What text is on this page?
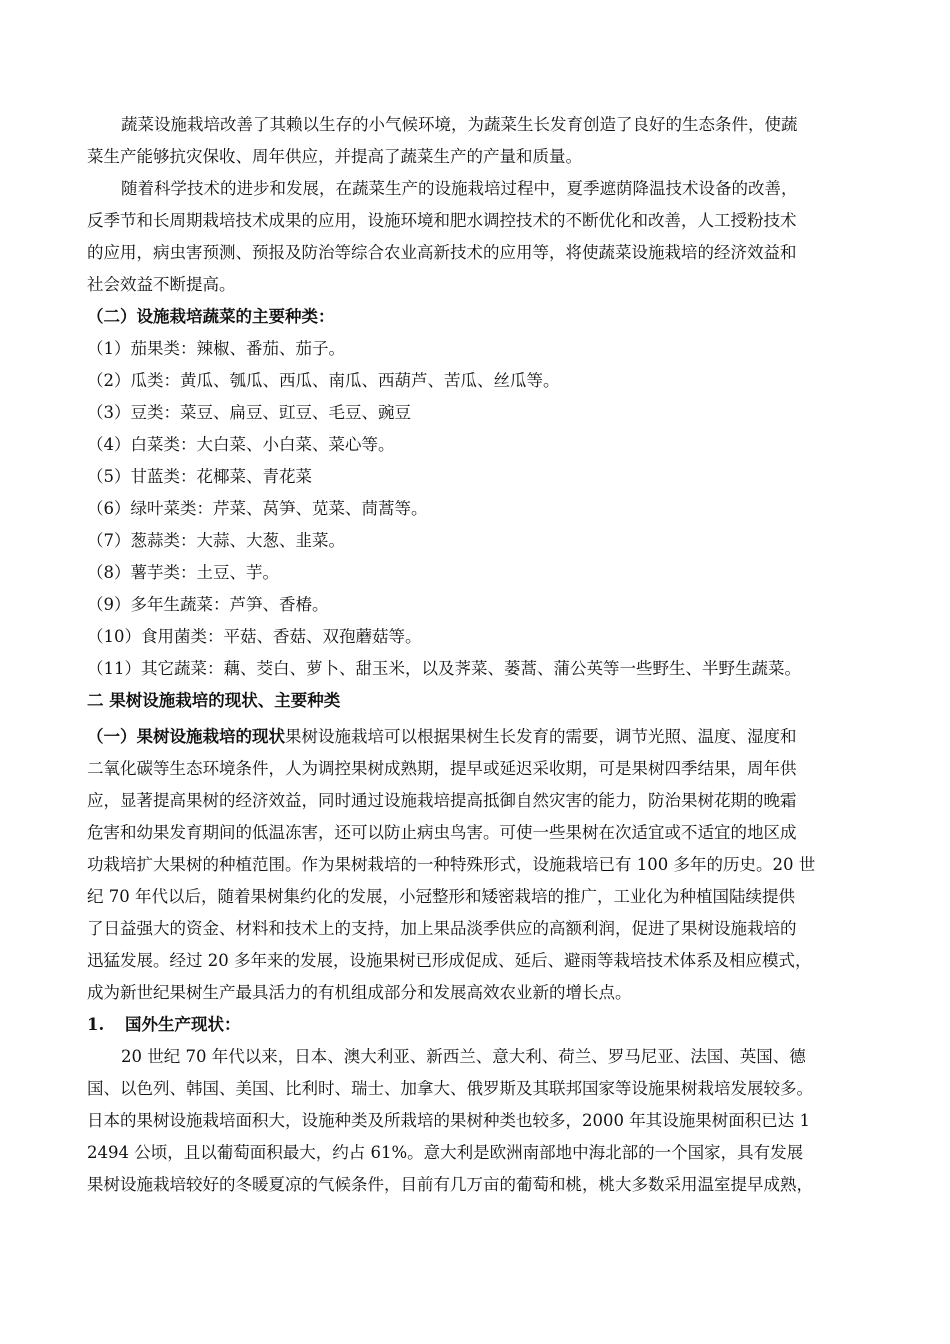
蔬菜设施栽培改善了其赖以生存的小气候环境，为蔬菜生长发育创造了良好的生态条件，使蔬
菜生产能够抗灾保收、周年供应，并提高了蔬菜生产的产量和质量。
随着科学技术的进步和发展，在蔬菜生产的设施栽培过程中，夏季遮荫降温技术设备的改善，
反季节和长周期栽培技术成果的应用，设施环境和肥水调控技术的不断优化和改善，人工授粉技术
的应用，病虫害预测、预报及防治等综合农业高新技术的应用等，将使蔬菜设施栽培的经济效益和
社会效益不断提高。
（二）设施栽培蔬菜的主要种类：
（1）茄果类：辣椒、番茄、茄子。
（2）瓜类：黄瓜、瓠瓜、西瓜、南瓜、西葫芦、苦瓜、丝瓜等。
（3）豆类：菜豆、扁豆、豇豆、毛豆、豌豆
（4）白菜类：大白菜、小白菜、菜心等。
（5）甘蓝类：花椰菜、青花菜
（6）绿叶菜类：芹菜、莴笋、苋菜、茼蒿等。
（7）葱蒜类：大蒜、大葱、韭菜。
（8）薯芋类：土豆、芋。
（9）多年生蔬菜：芦笋、香椿。
（10）食用菌类：平菇、香菇、双孢蘑菇等。
（11）其它蔬菜：藕、茭白、萝卜、甜玉米，以及荠菜、蒌蒿、蒲公英等一些野生、半野生蔬菜。
二 果树设施栽培的现状、主要种类
（一）果树设施栽培的现状果树设施栽培可以根据果树生长发育的需要，调节光照、温度、湿度和
二氧化碳等生态环境条件，人为调控果树成熟期，提早或延迟采收期，可是果树四季结果，周年供
应，显著提高果树的经济效益，同时通过设施栽培提高抵御自然灾害的能力，防治果树花期的晚霜
危害和幼果发育期间的低温冻害，还可以防止病虫鸟害。可使一些果树在次适宜或不适宜的地区成
功栽培扩大果树的种植范围。作为果树栽培的一种特殊形式，设施栽培已有 100 多年的历史。20 世
纪 70 年代以后，随着果树集约化的发展，小冠整形和矮密栽培的推广，工业化为种植国陆续提供
了日益强大的资金、材料和技术上的支持，加上果品淡季供应的高额利润，促进了果树设施栽培的
迅猛发展。经过 20 多年来的发展，设施果树已形成促成、延后、避雨等栽培技术体系及相应模式，
成为新世纪果树生产最具活力的有机组成部分和发展高效农业新的增长点。
1. 国外生产现状：
20 世纪 70 年代以来，日本、澳大利亚、新西兰、意大利、荷兰、罗马尼亚、法国、英国、德
国、以色列、韩国、美国、比利时、瑞士、加拿大、俄罗斯及其联邦国家等设施果树栽培发展较多。
日本的果树设施栽培面积大，设施种类及所栽培的果树种类也较多，2000 年其设施果树面积已达 1
2494 公顷，且以葡萄面积最大，约占 61%。意大利是欧洲南部地中海北部的一个国家，具有发展
果树设施栽培较好的冬暖夏凉的气候条件，目前有几万亩的葡萄和桃，桃大多数采用温室提早成熟，
